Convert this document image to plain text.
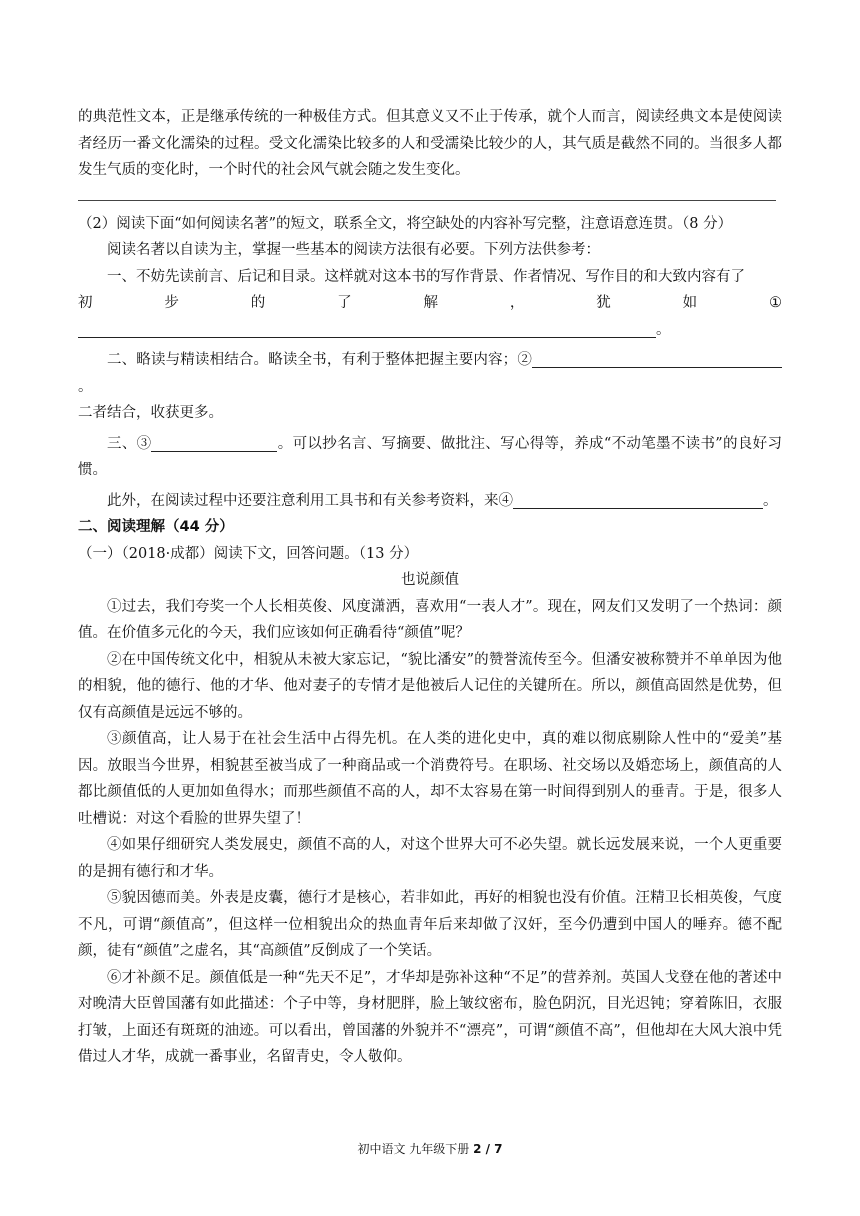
的典范性文本，正是继承传统的一种极佳方式。但其意义又不止于传承，就个人而言，阅读经典文本是使阅读者经历一番文化濡染的过程。受文化濡染比较多的人和受濡染比较少的人，其气质是截然不同的。当很多人都发生气质的变化时，一个时代的社会风气就会随之发生变化。

（2）阅读下面“如何阅读名著”的短文，联系全文，将空缺处的内容补写完整，注意语意连贯。（8 分）

阅读名著以自读为主，掌握一些基本的阅读方法很有必要。下列方法供参考：

一、不妨先读前言、后记和目录。这样就对这本书的写作背景、作者情况、写作目的和大致内容有了

初	步	的	了	解	，	犹	如	①

。

二、略读与精读相结合。略读全书，有利于整体把握主要内容；②。

二者结合，收获更多。

三、③	。可以抄名言、写摘要、做批注、写心得等，养成“不动笔墨不读书”的良好习惯。

此外，在阅读过程中还要注意利用工具书和有关参考资料，来④	。

二、阅读理解（44 分）

（一）（2018·成都）阅读下文，回答问题。（13 分）

也说颜值

①过去，我们夸奖一个人长相英俊、风度潇洒，喜欢用“一表人才”。现在，网友们又发明了一个热词：颜值。在价值多元化的今天，我们应该如何正确看待“颜值”呢？

②在中国传统文化中，相貌从未被大家忘记，“貌比潘安”的赞誉流传至今。但潘安被称赞并不单单因为他的相貌，他的德行、他的才华、他对妻子的专情才是他被后人记住的关键所在。所以，颜值高固然是优势，但仅有高颜值是远远不够的。

③颜值高，让人易于在社会生活中占得先机。在人类的进化史中，真的难以彻底剔除人性中的“爱美”基因。放眼当今世界，相貌甚至被当成了一种商品或一个消费符号。在职场、社交场以及婚恋场上，颜值高的人都比颜值低的人更加如鱼得水；而那些颜值不高的人，却不太容易在第一时间得到别人的垂青。于是，很多人吐槽说：对这个看脸的世界失望了！

④如果仔细研究人类发展史，颜值不高的人，对这个世界大可不必失望。就长远发展来说，一个人更重要的是拥有德行和才华。

⑤貌因德而美。外表是皮囊，德行才是核心，若非如此，再好的相貌也没有价值。汪精卫长相英俊，气度不凡，可谓“颜值高”，但这样一位相貌出众的热血青年后来却做了汉奸，至今仍遭到中国人的唾弃。德不配颜，徒有“颜值”之虚名，其“高颜值”反倒成了一个笑话。

⑥才补颜不足。颜值低是一种“先天不足”，才华却是弥补这种“不足”的营养剂。英国人戈登在他的著述中对晚清大臣曾国藩有如此描述：个子中等，身材肥胖，脸上皱纹密布，脸色阴沉，目光迟钝；穿着陈旧，衣服打皱，上面还有斑斑的油迹。可以看出，曾国藩的外貌并不“漂亮”，可谓“颜值不高”，但他却在大风大浪中凭借过人才华，成就一番事业，名留青史，令人敬仰。

初中语文 九年级下册 2 / 7
